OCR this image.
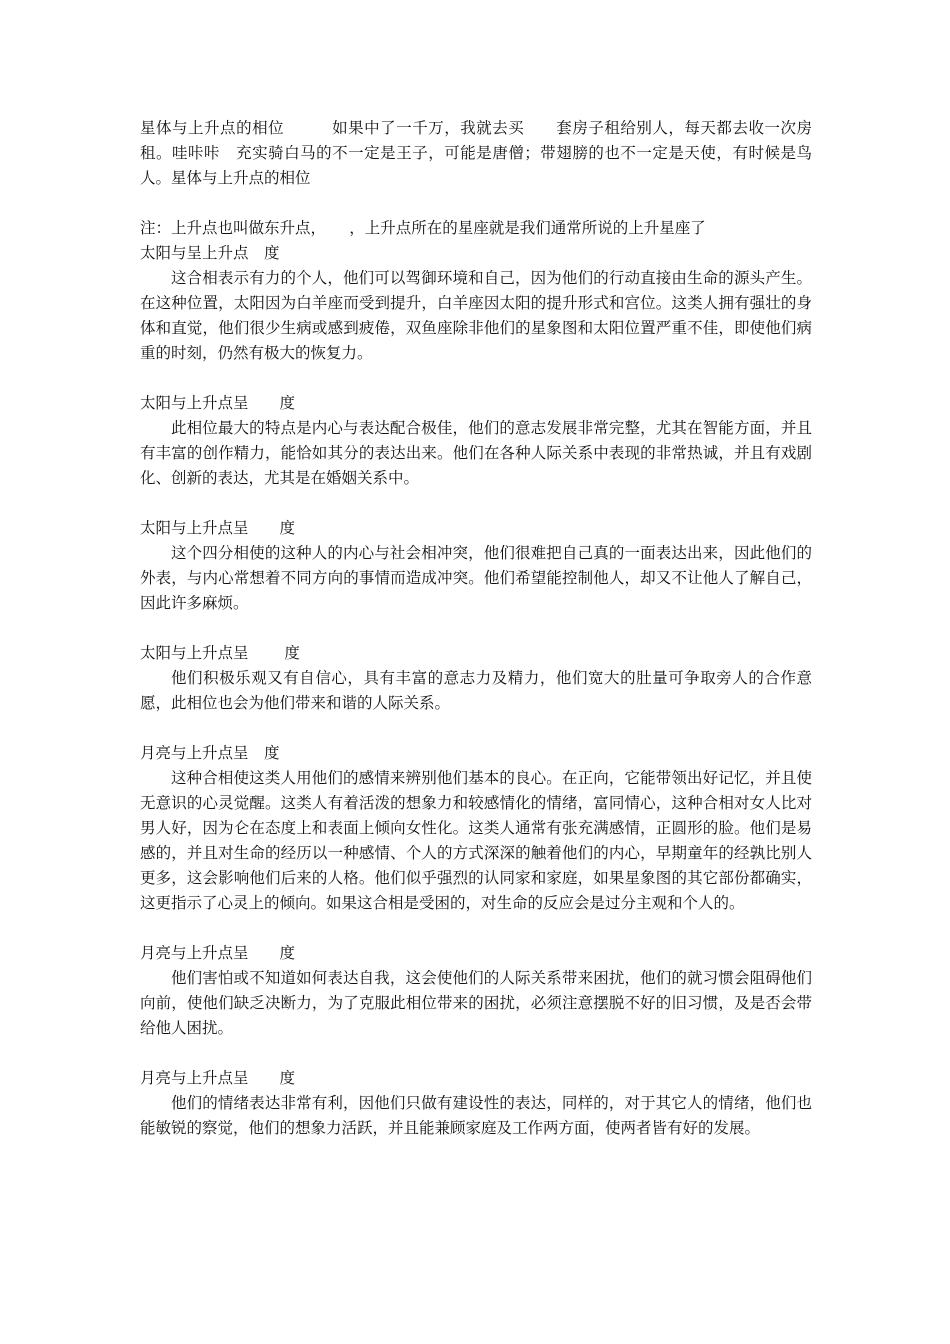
星体与上升点的相位　　　如果中了一千万，我就去买　　套房子租给别人，每天都去收一次房租。哇咔咔　充实骑白马的不一定是王子，可能是唐僧；带翅膀的也不一定是天使，有时候是鸟人。星体与上升点的相位

注：上升点也叫做东升点，　　，上升点所在的星座就是我们通常所说的上升星座了

太阳与呈上升点　度

这合相表示有力的个人，他们可以驾御环境和自己，因为他们的行动直接由生命的源头产生。在这种位置，太阳因为白羊座而受到提升，白羊座因太阳的提升形式和宫位。这类人拥有强壮的身体和直觉，他们很少生病或感到疲倦，双鱼座除非他们的星象图和太阳位置严重不佳，即使他们病重的时刻，仍然有极大的恢复力。

太阳与上升点呈　　度

此相位最大的特点是内心与表达配合极佳，他们的意志发展非常完整，尤其在智能方面，并且有丰富的创作精力，能恰如其分的表达出来。他们在各种人际关系中表现的非常热诚，并且有戏剧化、创新的表达，尤其是在婚姻关系中。

太阳与上升点呈　　度

这个四分相使的这种人的内心与社会相冲突，他们很难把自己真的一面表达出来，因此他们的外表，与内心常想着不同方向的事情而造成冲突。他们希望能控制他人，却又不让他人了解自己，因此许多麻烦。

太阳与上升点呈　　 度

他们积极乐观又有自信心，具有丰富的意志力及精力，他们宽大的肚量可争取旁人的合作意愿，此相位也会为他们带来和谐的人际关系。

月亮与上升点呈　度

这种合相使这类人用他们的感情来辨别他们基本的良心。在正向，它能带领出好记忆，并且使无意识的心灵觉醒。这类人有着活泼的想象力和较感情化的情绪，富同情心，这种合相对女人比对男人好，因为仑在态度上和表面上倾向女性化。这类人通常有张充满感情，正圆形的脸。他们是易感的，并且对生命的经历以一种感情、个人的方式深深的触着他们的内心，早期童年的经孰比别人更多，这会影响他们后来的人格。他们似乎强烈的认同家和家庭，如果星象图的其它部份都确实，这更指示了心灵上的倾向。如果这合相是受困的，对生命的反应会是过分主观和个人的。

月亮与上升点呈　　度

他们害怕或不知道如何表达自我，这会使他们的人际关系带来困扰，他们的就习惯会阻碍他们向前，使他们缺乏决断力，为了克服此相位带来的困扰，必须注意摆脱不好的旧习惯，及是否会带给他人困扰。

月亮与上升点呈　　度

他们的情绪表达非常有利，因他们只做有建设性的表达，同样的，对于其它人的情绪，他们也能敏锐的察觉，他们的想象力活跃，并且能兼顾家庭及工作两方面，使两者皆有好的发展。
